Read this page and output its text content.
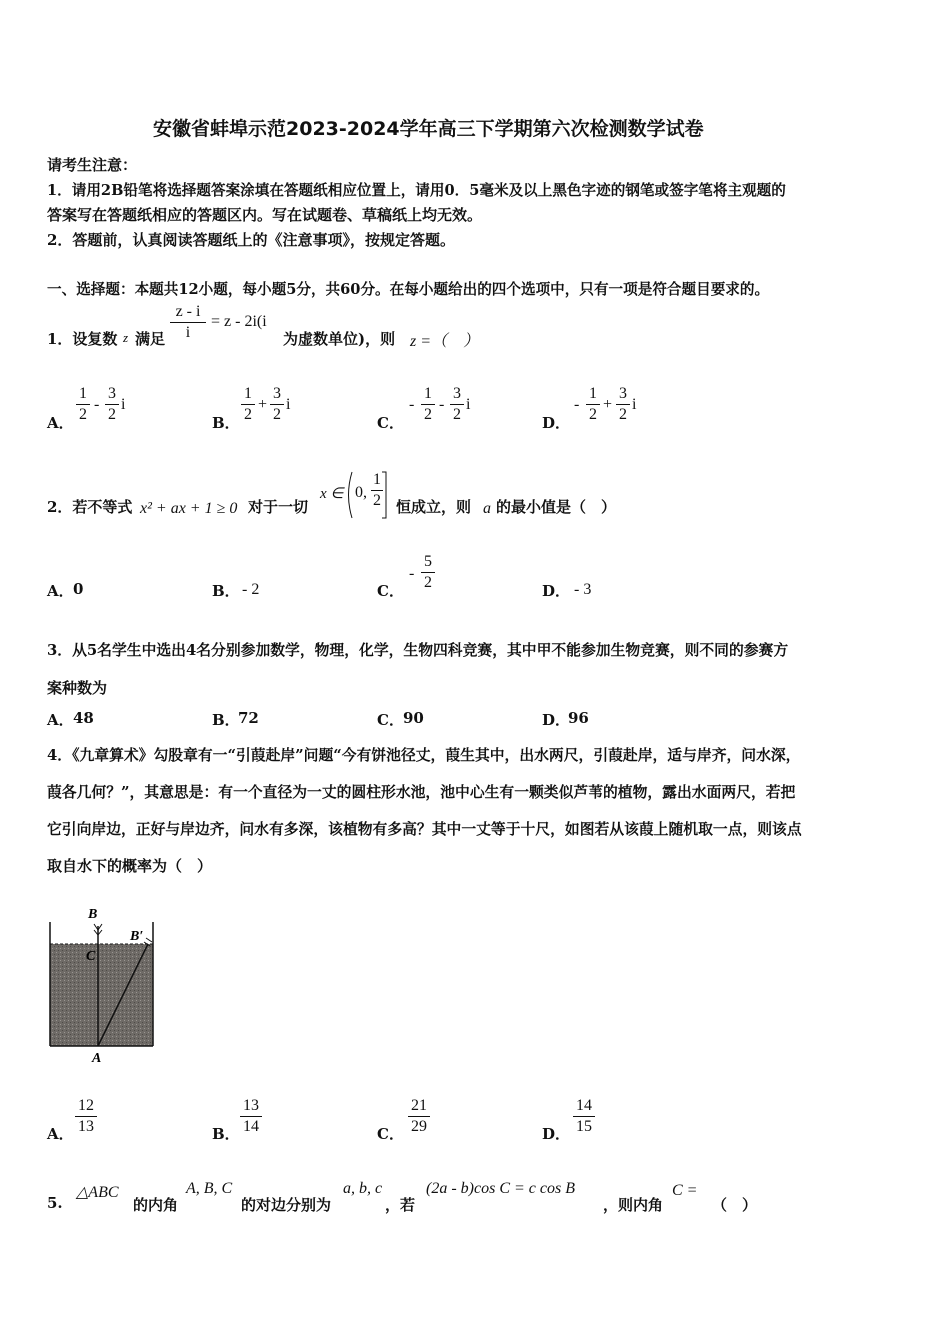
安徽省蚌埠示范2023-2024学年高三下学期第六次检测数学试卷
请考生注意：
1．请用2B铅笔将选择题答案涂填在答题纸相应位置上，请用0．5毫米及以上黑色字迹的钢笔或签字笔将主观题的
答案写在答题纸相应的答题区内。写在试题卷、草稿纸上均无效。
2．答题前，认真阅读答题纸上的《注意事项》，按规定答题。
一、选择题：本题共12小题，每小题5分，共60分。在每小题给出的四个选项中，只有一项是符合题目要求的。
1．设复数 z 满足
z - i
i
= z - 2i(i
为虚数单位)，则 z =（　）
A．
1
2
-
3
2
i
B．
1
2
+
3
2
i
C．
-
1
2
-
3
2
i
D．
-
1
2
+
3
2
i
2．若不等式 x² + ax + 1 ≥ 0 对于一切
x ∈ 0,
1
2 恒成立，则 a 的最小值是（　）
A． 0	B． - 2	C．
-
5
2	D． - 3
3．从5名学生中选出4名分别参加数学，物理，化学，生物四科竞赛，其中甲不能参加生物竞赛，则不同的参赛方
案种数为
A． 48	B．
72	C． 90	D．
96
4．《九章算术》勾股章有一“引葭赴岸”问题“今有饼池径丈，葭生其中，出水两尺，引葭赴岸，适与岸齐，问水深，
葭各几何？”，其意思是：有一个直径为一丈的圆柱形水池，池中心生有一颗类似芦苇的植物，露出水面两尺，若把
它引向岸边，正好与岸边齐，问水有多深，该植物有多高？其中一丈等于十尺，如图若从该葭上随机取一点，则该点
取自水下的概率为（　）
B
B′
C
A
A．
12
13	B．
13
14	C．
21
29	D．
14
15
5.
△ABC
的内角
A, B, C
的对边分别为
a, b, c
，若
(2a - b)cos C = c cos B
，则内角
C =
（　）
